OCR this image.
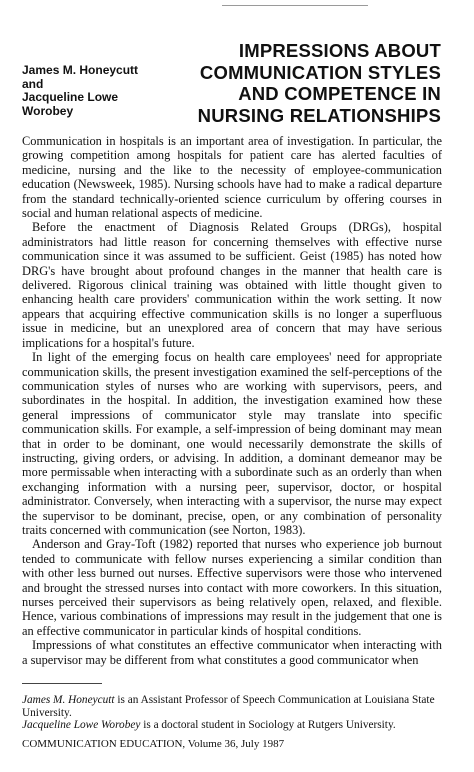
James M. Honeycutt
and
Jacqueline Lowe
Worobey
IMPRESSIONS ABOUT
COMMUNICATION STYLES
AND COMPETENCE IN
NURSING RELATIONSHIPS

Communication in hospitals is an important area of investigation. In particular, the growing competition among hospitals for patient care has alerted faculties of medicine, nursing and the like to the necessity of employee-communication education (Newsweek, 1985). Nursing schools have had to make a radical departure from the standard technically-oriented science curriculum by offering courses in social and human relational aspects of medicine.

Before the enactment of Diagnosis Related Groups (DRGs), hospital administrators had little reason for concerning themselves with effective nurse communication since it was assumed to be sufficient. Geist (1985) has noted how DRG's have brought about profound changes in the manner that health care is delivered. Rigorous clinical training was obtained with little thought given to enhancing health care providers' communication within the work setting. It now appears that acquiring effective communication skills is no longer a superfluous issue in medicine, but an unexplored area of concern that may have serious implications for a hospital's future.

In light of the emerging focus on health care employees' need for appropriate communication skills, the present investigation examined the self-perceptions of the communication styles of nurses who are working with supervisors, peers, and subordinates in the hospital. In addition, the investigation examined how these general impressions of communicator style may translate into specific communication skills. For example, a self-impression of being dominant may mean that in order to be dominant, one would necessarily demonstrate the skills of instructing, giving orders, or advising. In addition, a dominant demeanor may be more permissable when interacting with a subordinate such as an orderly than when exchanging information with a nursing peer, supervisor, doctor, or hospital administrator. Conversely, when interacting with a supervisor, the nurse may expect the supervisor to be dominant, precise, open, or any combination of personality traits concerned with communication (see Norton, 1983).

Anderson and Gray-Toft (1982) reported that nurses who experience job burnout tended to communicate with fellow nurses experiencing a similar condition than with other less burned out nurses. Effective supervisors were those who intervened and brought the stressed nurses into contact with more coworkers. In this situation, nurses perceived their supervisors as being relatively open, relaxed, and flexible. Hence, various combinations of impressions may result in the judgement that one is an effective communicator in particular kinds of hospital conditions.

Impressions of what constitutes an effective communicator when interacting with a supervisor may be different from what constitutes a good communicator when

James M. Honeycutt is an Assistant Professor of Speech Communication at Louisiana State University.

Jacqueline Lowe Worobey is a doctoral student in Sociology at Rutgers University.

COMMUNICATION EDUCATION, Volume 36, July 1987
